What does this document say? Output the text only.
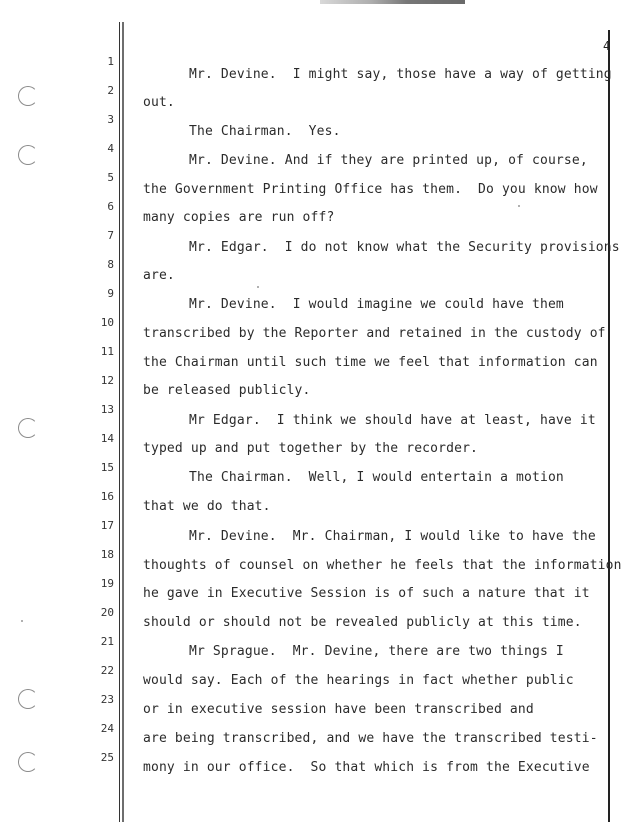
4
1
2
3
4
5
6
7
8
9
10
11
12
13
14
15
16
17
18
19
20
21
22
23
24
25
Mr. Devine.  I might say, those have a way of getting
out.
The Chairman.  Yes.
Mr. Devine. And if they are printed up, of course,
the Government Printing Office has them.  Do you know how
many copies are run off?
Mr. Edgar.  I do not know what the Security provisions
are.
Mr. Devine.  I would imagine we could have them
transcribed by the Reporter and retained in the custody of
the Chairman until such time we feel that information can
be released publicly.
Mr Edgar.  I think we should have at least, have it
typed up and put together by the recorder.
The Chairman.  Well, I would entertain a motion
that we do that.
Mr. Devine.  Mr. Chairman, I would like to have the
thoughts of counsel on whether he feels that the information
he gave in Executive Session is of such a nature that it
should or should not be revealed publicly at this time.
Mr Sprague.  Mr. Devine, there are two things I
would say. Each of the hearings in fact whether public
or in executive session have been transcribed and
are being transcribed, and we have the transcribed testi-
mony in our office.  So that which is from the Executive
